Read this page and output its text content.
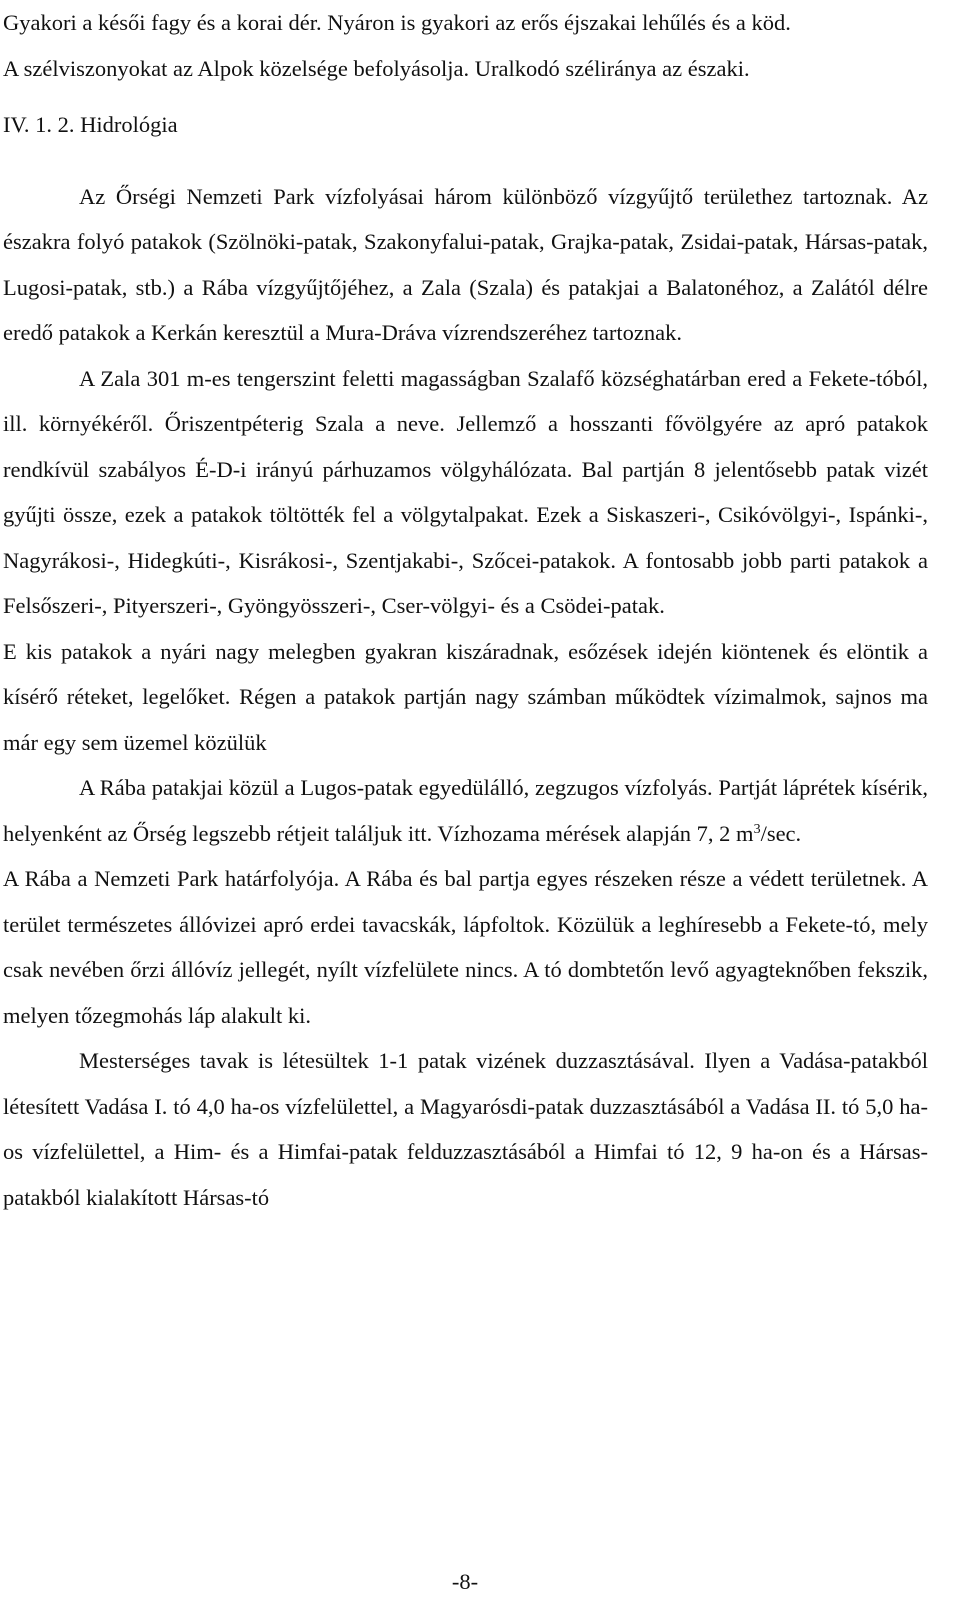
Gyakori a késői fagy és a korai dér. Nyáron is gyakori az erős éjszakai lehűlés és a köd.

A szélviszonyokat az Alpok közelsége befolyásolja. Uralkodó széliránya az északi.

IV. 1. 2. Hidrológia

Az Őrségi Nemzeti Park vízfolyásai három különböző vízgyűjtő területhez tartoznak. Az északra folyó patakok (Szölnöki-patak, Szakonyfalui-patak, Grajka-patak, Zsidai-patak, Hársas-patak, Lugosi-patak, stb.) a Rába vízgyűjtőjéhez, a Zala (Szala) és patakjai a Balatonéhoz, a Zalától délre eredő patakok a Kerkán keresztül a Mura-Dráva vízrendszeréhez tartoznak.

A Zala 301 m-es tengerszint feletti magasságban Szalafő községhatárban ered a Fekete-tóból, ill. környékéről. Őriszentpéterig Szala a neve. Jellemző a hosszanti fővölgyére az apró patakok rendkívül szabályos É-D-i irányú párhuzamos völgyhálózata. Bal partján 8 jelentősebb patak vizét gyűjti össze, ezek a patakok töltötték fel a völgytalpakat. Ezek a Siskaszeri-, Csikóvölgyi-, Ispánki-, Nagyrákosi-, Hidegkúti-, Kisrákosi-, Szentjakabi-, Szőcei-patakok. A fontosabb jobb parti patakok a Felsőszeri-, Pityerszeri-, Gyöngyösszeri-, Cser-völgyi- és a Csödei-patak.

E kis patakok a nyári nagy melegben gyakran kiszáradnak, esőzések idején kiöntenek és elöntik a kísérő réteket, legelőket. Régen a patakok partján nagy számban működtek vízimalmok, sajnos ma már egy sem üzemel közülük

A Rába patakjai közül a Lugos-patak egyedülálló, zegzugos vízfolyás. Partját láprétek kísérik, helyenként az Őrség legszebb rétjeit találjuk itt. Vízhozama mérések alapján 7, 2 $m^3/\sec$.

A Rába a Nemzeti Park határfolyója. A Rába és bal partja egyes részeken része a védett területnek. A terület természetes állóvizei apró erdei tavacskák, lápfoltok. Közülük a leghíresebb a Fekete-tó, mely csak nevében őrzi állóvíz jellegét, nyílt vízfelülete nincs. A tó dombtetőn levő agyagteknőben fekszik, melyen tőzegmohás láp alakult ki.

Mesterséges tavak is létesültek 1-1 patak vizének duzzasztásával. Ilyen a Vadása-patakból létesített Vadása I. tó 4,0 ha-os vízfelülettel, a Magyarósdi-patak duzzasztásából a Vadása II. tó 5,0 ha-os vízfelülettel, a Him- és a Himfai-patak felduzzasztásából a Himfai tó 12, 9 ha-on és a Hársas-patakból kialakított Hársas-tó

-8-
